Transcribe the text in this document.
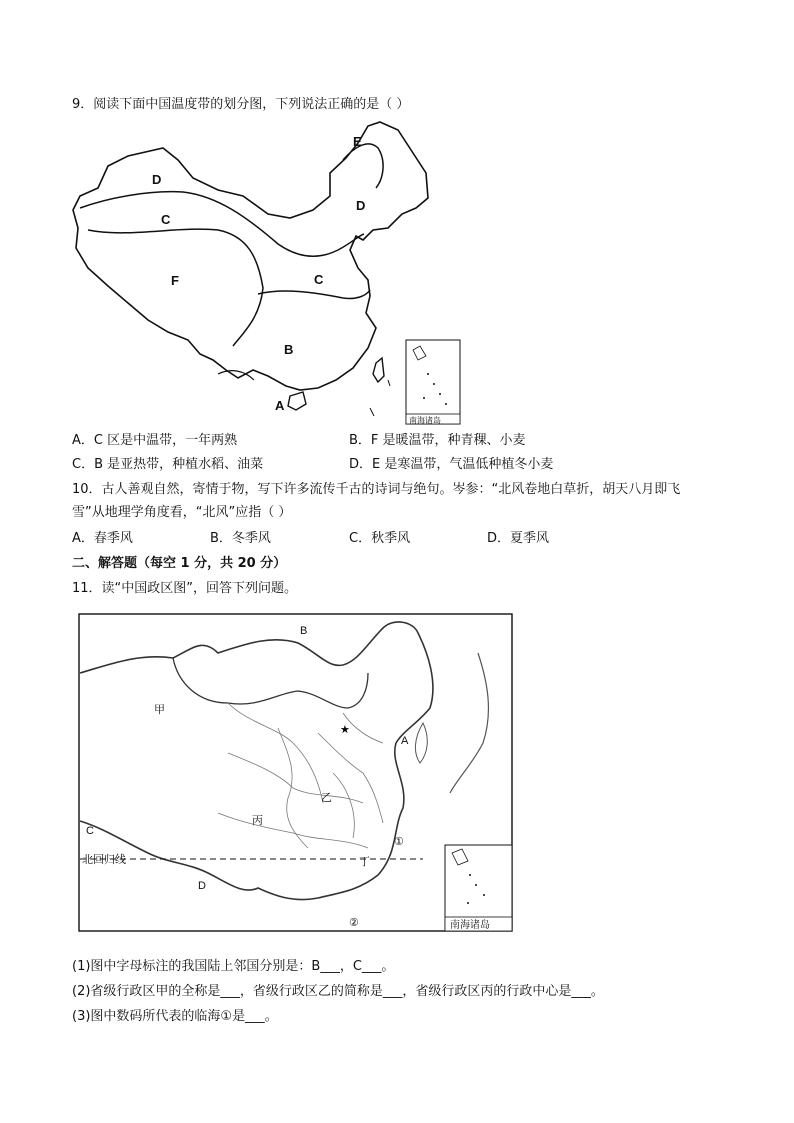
9．阅读下面中国温度带的划分图，下列说法正确的是（ ）
E
D
D
C
C
F
B
A
南海诸岛
A．C 区是中温带，一年两熟	B．F 是暖温带，种青稞、小麦
C．B 是亚热带，种植水稻、油菜	D．E 是寒温带，气温低种植冬小麦
10．古人善观自然，寄情于物，写下许多流传千古的诗词与绝句。岑参：“北风卷地白草折，胡天八月即飞
雪”从地理学角度看，“北风”应指（ ）
A．春季风	B．冬季风	C．秋季风	D．夏季风
二、解答题（每空 1 分，共 20 分）
11．读“中国政区图”，回答下列问题。
★
B
A
C
D
甲
乙
丙
丁
①
②
北回归线
南海诸岛
(1)图中字母标注的我国陆上邻国分别是：B___，C___。
(2)省级行政区甲的全称是___，省级行政区乙的简称是___，省级行政区丙的行政中心是___。
(3)图中数码所代表的临海①是___。
